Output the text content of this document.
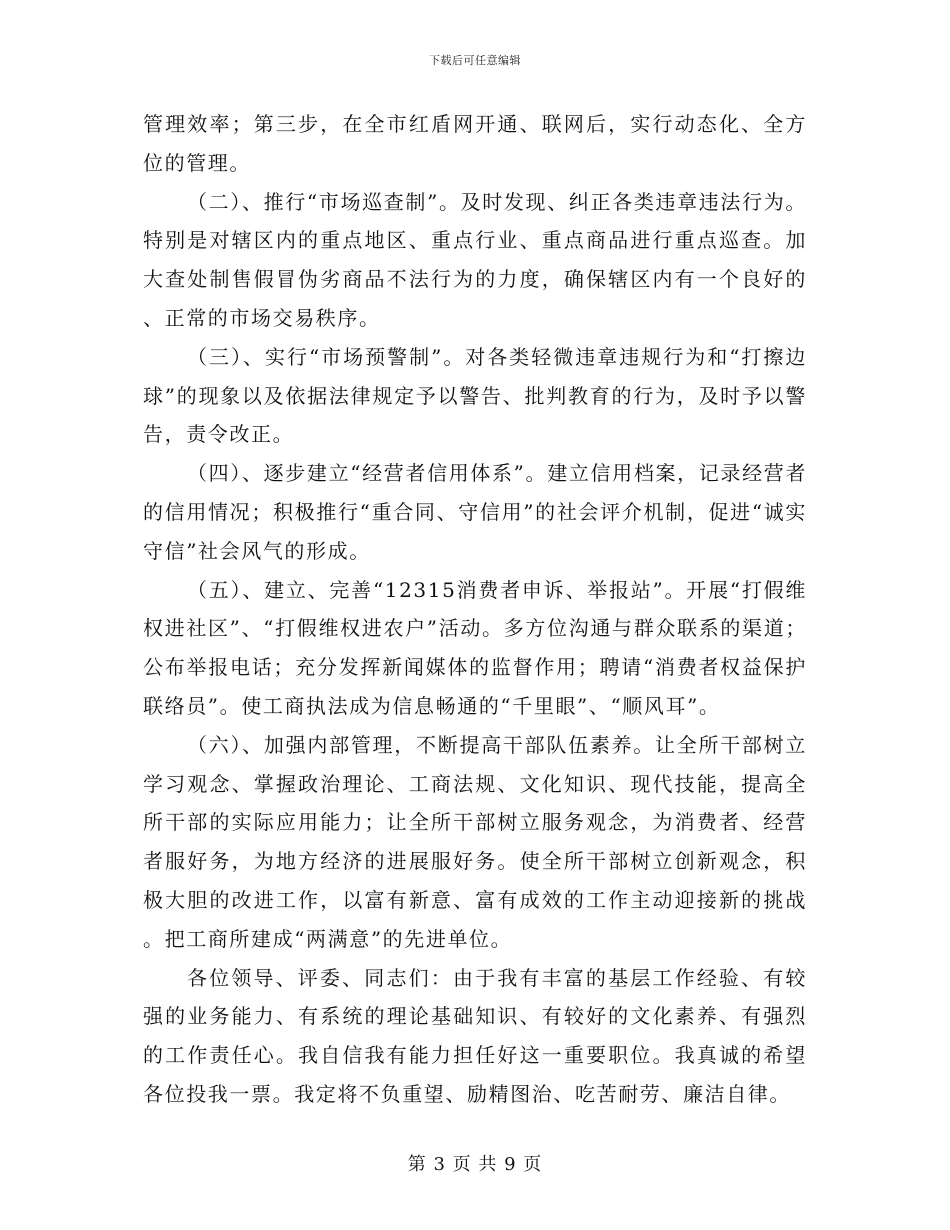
下载后可任意编辑

管理效率；第三步，在全市红盾网开通、联网后，实行动态化、全方位的管理。

（二）、推行“市场巡查制”。及时发现、纠正各类违章违法行为。特别是对辖区内的重点地区、重点行业、重点商品进行重点巡查。加大查处制售假冒伪劣商品不法行为的力度，确保辖区内有一个良好的、正常的市场交易秩序。

（三）、实行“市场预警制”。对各类轻微违章违规行为和“打擦边球”的现象以及依据法律规定予以警告、批判教育的行为，及时予以警告，责令改正。

（四）、逐步建立“经营者信用体系”。建立信用档案，记录经营者的信用情况；积极推行“重合同、守信用”的社会评介机制，促进“诚实守信”社会风气的形成。

（五）、建立、完善“12315消费者申诉、举报站”。开展“打假维权进社区”、“打假维权进农户”活动。多方位沟通与群众联系的渠道；公布举报电话；充分发挥新闻媒体的监督作用；聘请“消费者权益保护联络员”。使工商执法成为信息畅通的“千里眼”、“顺风耳”。

（六）、加强内部管理，不断提高干部队伍素养。让全所干部树立学习观念、掌握政治理论、工商法规、文化知识、现代技能，提高全所干部的实际应用能力；让全所干部树立服务观念，为消费者、经营者服好务，为地方经济的进展服好务。使全所干部树立创新观念，积极大胆的改进工作，以富有新意、富有成效的工作主动迎接新的挑战。把工商所建成“两满意”的先进单位。

各位领导、评委、同志们：由于我有丰富的基层工作经验、有较强的业务能力、有系统的理论基础知识、有较好的文化素养、有强烈的工作责任心。我自信我有能力担任好这一重要职位。我真诚的希望各位投我一票。我定将不负重望、励精图治、吃苦耐劳、廉洁自律。

第 3 页 共 9 页
